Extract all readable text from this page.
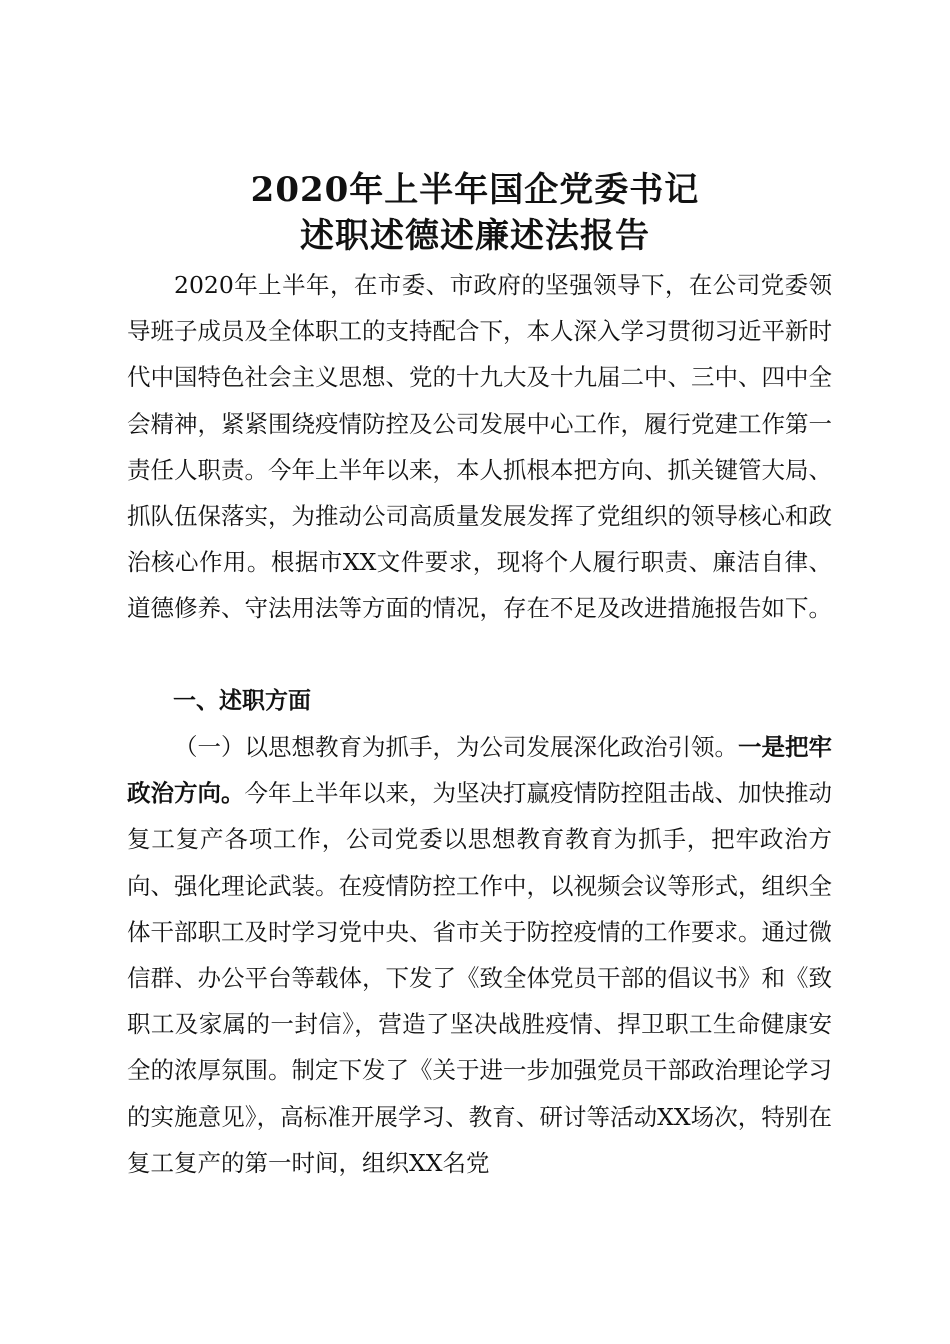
2020年上半年国企党委书记
述职述德述廉述法报告

2020年上半年，在市委、市政府的坚强领导下，在公司党委领导班子成员及全体职工的支持配合下，本人深入学习贯彻习近平新时代中国特色社会主义思想、党的十九大及十九届二中、三中、四中全会精神，紧紧围绕疫情防控及公司发展中心工作，履行党建工作第一责任人职责。今年上半年以来，本人抓根本把方向、抓关键管大局、抓队伍保落实，为推动公司高质量发展发挥了党组织的领导核心和政治核心作用。根据市XX文件要求，现将个人履行职责、廉洁自律、道德修养、守法用法等方面的情况，存在不足及改进措施报告如下。

一、述职方面

（一）以思想教育为抓手，为公司发展深化政治引领。一是把牢政治方向。今年上半年以来，为坚决打赢疫情防控阻击战、加快推动复工复产各项工作，公司党委以思想教育教育为抓手，把牢政治方向、强化理论武装。在疫情防控工作中，以视频会议等形式，组织全体干部职工及时学习党中央、省市关于防控疫情的工作要求。通过微信群、办公平台等载体，下发了《致全体党员干部的倡议书》和《致职工及家属的一封信》，营造了坚决战胜疫情、捍卫职工生命健康安全的浓厚氛围。制定下发了《关于进一步加强党员干部政治理论学习的实施意见》，高标准开展学习、教育、研讨等活动XX场次，特别在复工复产的第一时间，组织XX名党
